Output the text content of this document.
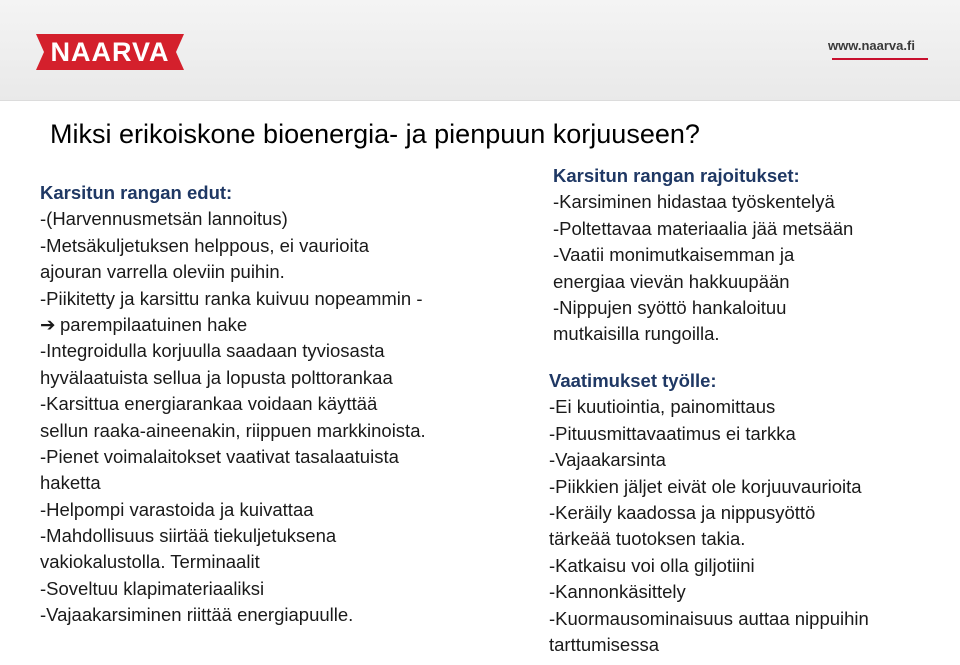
NAARVA	www.naarva.fi
Miksi erikoiskone bioenergia- ja pienpuun korjuuseen?
Karsitun rangan edut:
-(Harvennusmetsän lannoitus)
-Metsäkuljetuksen helppous, ei vaurioita
ajouran varrella oleviin puihin.
-Piikitetty ja karsittu ranka kuivuu nopeammin -
➔ parempilaatuinen hake
-Integroidulla korjuulla saadaan tyviosasta
hyvälaatuista sellua ja lopusta polttorankaa
-Karsittua energiarankaa voidaan käyttää
sellun raaka-aineenakin, riippuen markkinoista.
-Pienet voimalaitokset vaativat tasalaatuista
haketta
-Helpompi varastoida ja kuivattaa
-Mahdollisuus siirtää tiekuljetuksena
vakiokalustolla. Terminaalit
-Soveltuu klapimateriaaliksi
-Vajaakarsiminen riittää energiapuulle.
Karsitun rangan rajoitukset:
-Karsiminen hidastaa työskentelyä
-Poltettavaa materiaalia jää metsään
-Vaatii monimutkaisemman ja
energiaa vievän hakkuupään
-Nippujen syöttö hankaloituu
mutkaisilla rungoilla.
Vaatimukset työlle:
-Ei kuutiointia, painomittaus
-Pituusmittavaatimus ei tarkka
-Vajaakarsinta
-Piikkien jäljet eivät ole korjuuvaurioita
-Keräily kaadossa ja nippusyöttö
tärkeää tuotoksen takia.
-Katkaisu voi olla giljotiini
-Kannonkäsittely
-Kuormausominaisuus auttaa nippuihin
tarttumisessa
